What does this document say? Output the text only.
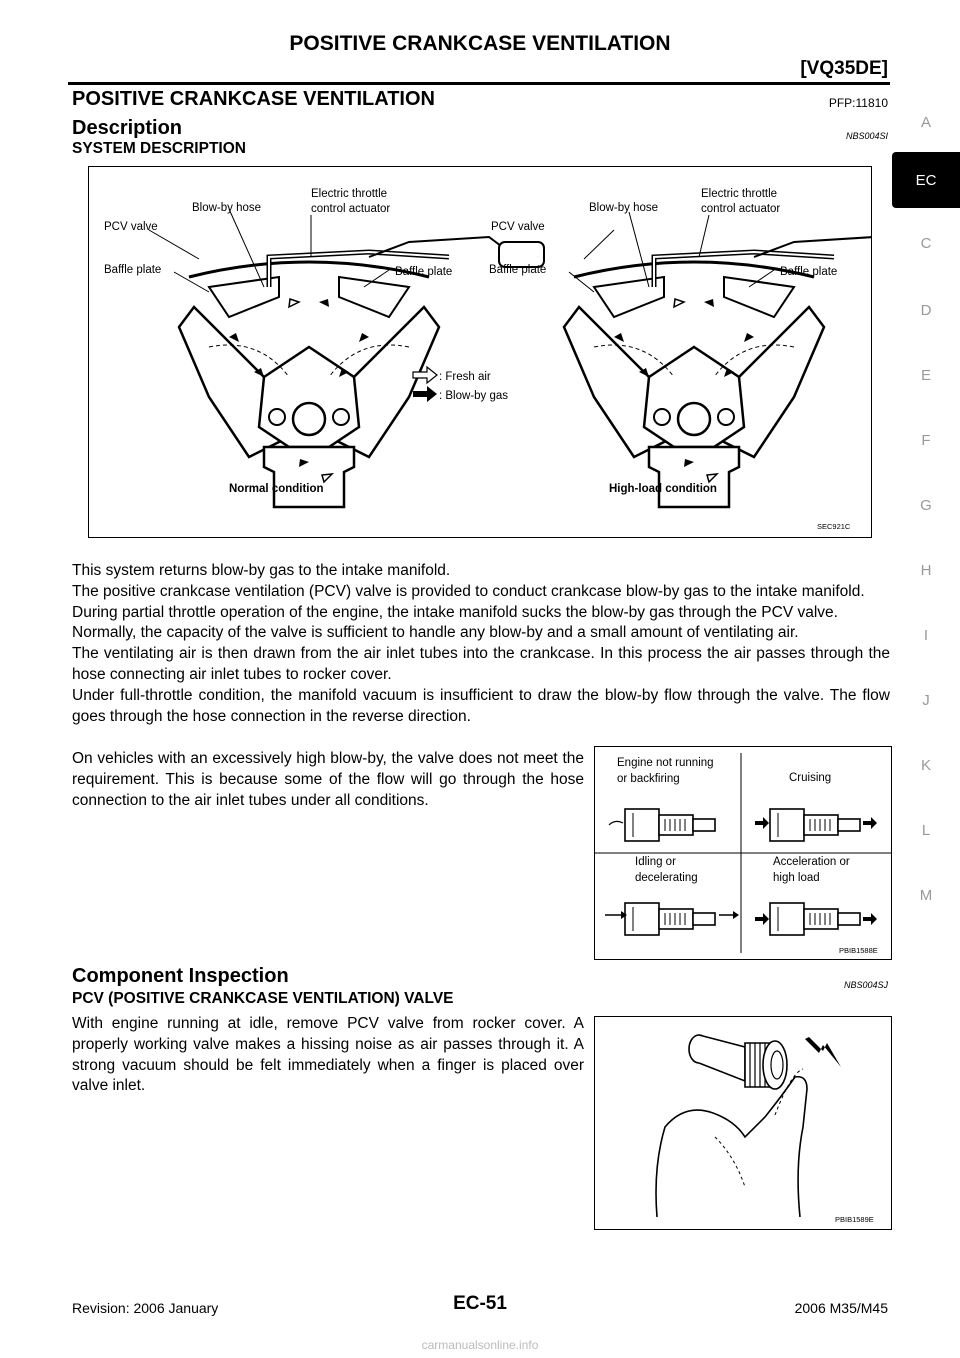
POSITIVE CRANKCASE VENTILATION
[VQ35DE]
POSITIVE CRANKCASE VENTILATION	PFP:11810
Description	NBS004SI
SYSTEM DESCRIPTION
Blow-by hose
Electric throttle
control actuator
PCV valve
Baffle plate	Baffle plate
Blow-by hose
Electric throttle
control actuator
PCV valve
Baffle plate	Baffle plate
: Fresh air
: Blow-by gas
Normal condition	High-load condition
SEC921C

This system returns blow-by gas to the intake manifold.

The positive crankcase ventilation (PCV) valve is provided to conduct crankcase blow-by gas to the intake manifold.

During partial throttle operation of the engine, the intake manifold sucks the blow-by gas through the PCV valve.

Normally, the capacity of the valve is sufficient to handle any blow-by and a small amount of ventilating air.

The ventilating air is then drawn from the air inlet tubes into the crankcase. In this process the air passes through the hose connecting air inlet tubes to rocker cover.

Under full-throttle condition, the manifold vacuum is insufficient to draw the blow-by flow through the valve. The flow goes through the hose connection in the reverse direction.

On vehicles with an excessively high blow-by, the valve does not meet the requirement. This is because some of the flow will go through the hose connection to the air inlet tubes under all conditions.
Engine not running
or backfiring	Cruising
Idling or
decelerating
Acceleration or
high load
PBIB1588E
Component Inspection	NBS004SJ
PCV (POSITIVE CRANKCASE VENTILATION) VALVE
With engine running at idle, remove PCV valve from rocker cover. A properly working valve makes a hissing noise as air passes through it. A strong vacuum should be felt immediately when a finger is placed over valve inlet.
PBIB1589E
A
EC
C
D
E
F
G
H
I
J
K
L
M
Revision: 2006 January	EC-51	2006 M35/M45
carmanualsonline.info
